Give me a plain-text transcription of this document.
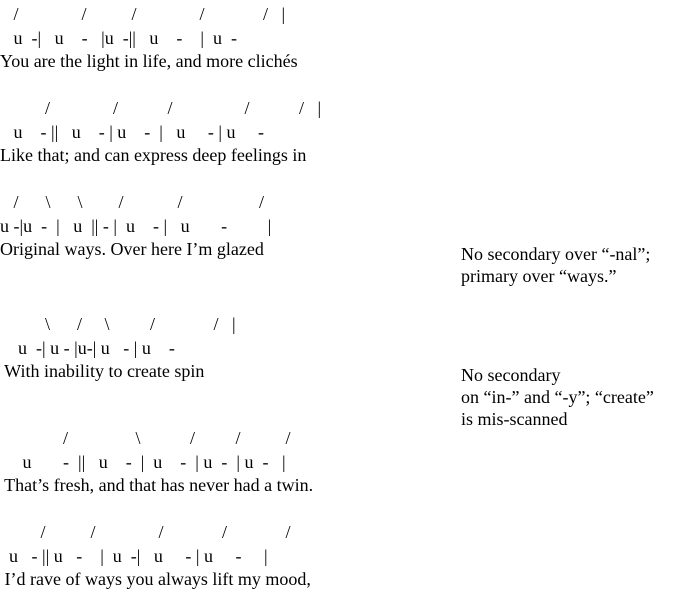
/              /          /              /             /   |
u  -|   u    -   |u  -||   u    -    |  u  -
You are the light in life, and more clichés
/              /           /                /           /   |
u    - ||   u    - | u    -  |   u     - | u     -
Like that; and can express deep feelings in
/      \      \        /            /                 /
u -|u  -  |   u  || - |  u    - |   u       -         |
Original ways. Over here I’m glazed
\      /     \         /             /   |
u  -| u - |u-| u   - | u    -
With inability to create spin
/               \           /         /          /
u       -  ||   u    -  |  u    -  | u  -  | u  -   |
That’s fresh, and that has never had a twin.
/          /              /             /             /
u   - || u   -    |  u  -|   u     - | u     -     |
I’d rave of ways you always lift my mood,
No secondary over “-nal”;
primary over “ways.”
No secondary
on “in-” and “-y”; “create”
is mis-scanned
